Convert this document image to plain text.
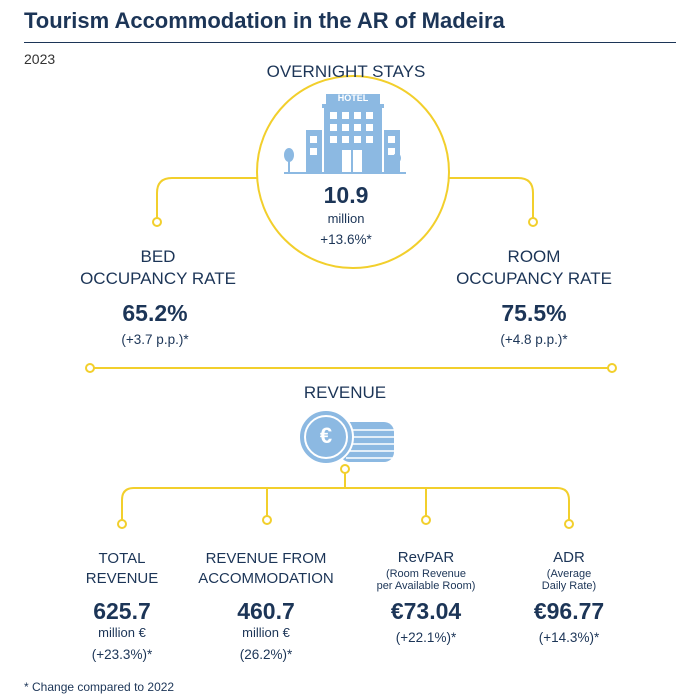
Tourism Accommodation in the AR of Madeira
2023
HOTEL
€
OVERNIGHT STAYS
10.9
million
+13.6%*
BED
OCCUPANCY RATE
65.2%
(+3.7 p.p.)*
ROOM
OCCUPANCY RATE
75.5%
(+4.8 p.p.)*
REVENUE
TOTAL
REVENUE
625.7
million €
(+23.3%)*
REVENUE FROM
ACCOMMODATION
460.7
million €
(26.2%)*
RevPAR
(Room Revenue
per Available Room)
€73.04
(+22.1%)*
ADR
(Average
Daily Rate)
€96.77
(+14.3%)*
* Change compared to 2022
